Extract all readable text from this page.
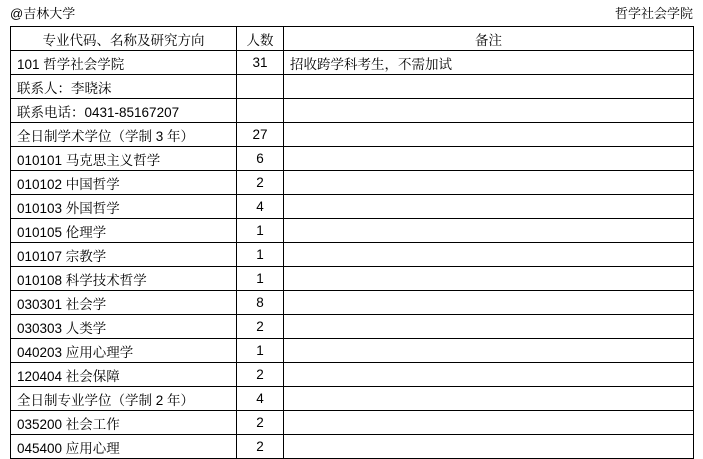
@吉林大学	哲学社会学院
专业代码、名称及研究方向	人数	备注
101 哲学社会学院	31	招收跨学科考生，不需加试
联系人：李晓沫		
联系电话：0431-85167207		
全日制学术学位（学制 3 年）	27	
010101 马克思主义哲学	6	
010102 中国哲学	2	
010103 外国哲学	4	
010105 伦理学	1	
010107 宗教学	1	
010108 科学技术哲学	1	
030301 社会学	8	
030303 人类学	2	
040203 应用心理学	1	
120404 社会保障	2	
全日制专业学位（学制 2 年）	4	
035200 社会工作	2	
045400 应用心理	2	
